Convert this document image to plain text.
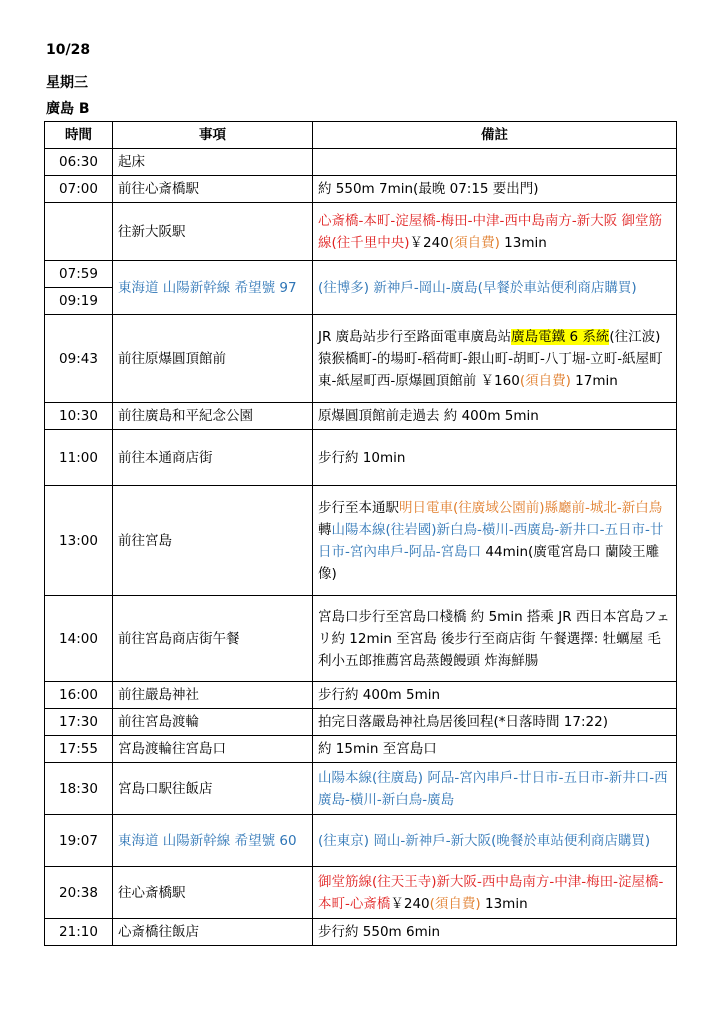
10/28
星期三
廣島 B
時間	事項	備註
06:30	起床	
07:00	前往心斎橋駅	約 550m 7min(最晚 07:15 要出門)
	往新大阪駅	心斎橋-本町-淀屋橋-梅田-中津-西中島南方-新大阪 御堂筋線(往千里中央)￥240(須自費) 13min
07:59	東海道 山陽新幹線 希望號 97	(往博多) 新神戶-岡山-廣島(早餐於車站便利商店購買)
09:19		
09:43	前往原爆圓頂館前	JR 廣島站步行至路面電車廣島站廣島電鐵 6 系統(往江波) 猿猴橋町-的場町-稻荷町-銀山町-胡町-八丁堀-立町-紙屋町東-紙屋町西-原爆圓頂館前 ￥160(須自費) 17min
10:30	前往廣島和平紀念公園	原爆圓頂館前走過去 約 400m 5min
11:00	前往本通商店街	步行約 10min
13:00	前往宮島	步行至本通駅明日電車(往廣域公園前)縣廳前-城北-新白鳥轉山陽本線(往岩國)新白鳥-橫川-西廣島-新井口-五日市-廿日市-宮內串戶-阿品-宮島口 44min(廣電宮島口 蘭陵王雕像)
14:00	前往宮島商店街午餐	宮島口步行至宮島口棧橋 約 5min 搭乘 JR 西日本宮島フェリ約 12min 至宮島 後步行至商店街 午餐選擇: 牡蠣屋 毛利小五郎推薦宮島蒸饅饅頭 炸海鮮腸
16:00	前往嚴島神社	步行約 400m 5min
17:30	前往宮島渡輪	拍完日落嚴島神社鳥居後回程(*日落時間 17:22)
17:55	宮島渡輪往宮島口	約 15min 至宮島口
18:30	宮島口駅往飯店	山陽本線(往廣島) 阿品-宮內串戶-廿日市-五日市-新井口-西廣島-橫川-新白鳥-廣島
19:07	東海道 山陽新幹線 希望號 60	(往東京) 岡山-新神戶-新大阪(晚餐於車站便利商店購買)
20:38	往心斎橋駅	御堂筋線(往天王寺)新大阪-西中島南方-中津-梅田-淀屋橋-本町-心斎橋￥240(須自費) 13min
21:10	心斎橋往飯店	步行約 550m 6min
